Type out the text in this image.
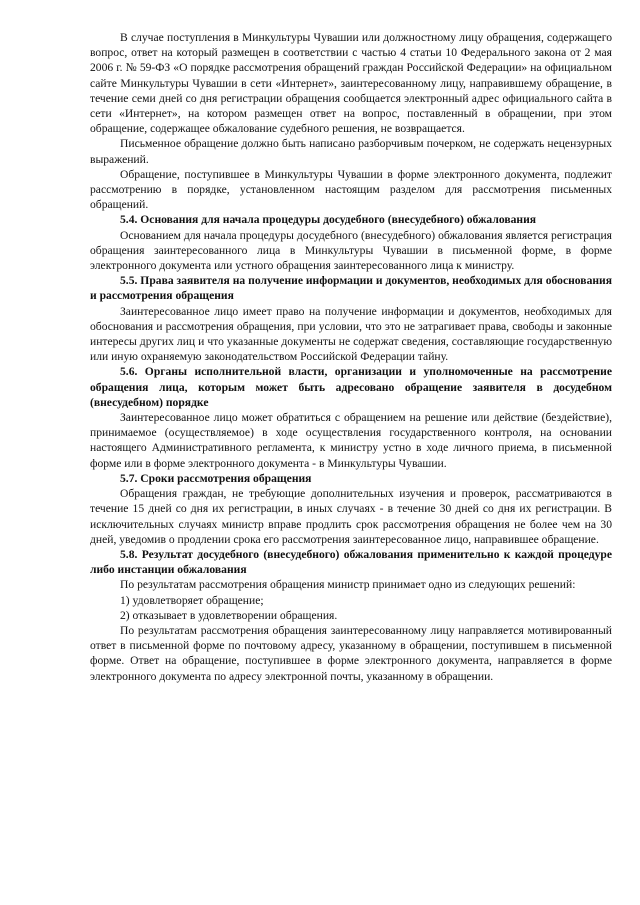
В случае поступления в Минкультуры Чувашии или должностному лицу обращения, содержащего вопрос, ответ на который размещен в соответствии с частью 4 статьи 10 Федерального закона от 2 мая 2006 г. № 59-ФЗ «О порядке рассмотрения обращений граждан Российской Федерации» на официальном сайте Минкультуры Чувашии в сети «Интернет», заинтересованному лицу, направившему обращение, в течение семи дней со дня регистрации обращения сообщается электронный адрес официального сайта в сети «Интернет», на котором размещен ответ на вопрос, поставленный в обращении, при этом обращение, содержащее обжалование судебного решения, не возвращается.

Письменное обращение должно быть написано разборчивым почерком, не содержать нецензурных выражений.

Обращение, поступившее в Минкультуры Чувашии в форме электронного документа, подлежит рассмотрению в порядке, установленном настоящим разделом для рассмотрения письменных обращений.

5.4. Основания для начала процедуры досудебного (внесудебного) обжалования

Основанием для начала процедуры досудебного (внесудебного) обжалования является регистрация обращения заинтересованного лица в Минкультуры Чувашии в письменной форме, в форме электронного документа или устного обращения заинтересованного лица к министру.

5.5. Права заявителя на получение информации и документов, необходимых для обоснования и рассмотрения обращения

Заинтересованное лицо имеет право на получение информации и документов, необходимых для обоснования и рассмотрения обращения, при условии, что это не затрагивает права, свободы и законные интересы других лиц и что указанные документы не содержат сведения, составляющие государственную или иную охраняемую законодательством Российской Федерации тайну.

5.6. Органы исполнительной власти, организации и уполномоченные на рассмотрение обращения лица, которым может быть адресовано обращение заявителя в досудебном (внесудебном) порядке

Заинтересованное лицо может обратиться с обращением на решение или действие (бездействие), принимаемое (осуществляемое) в ходе осуществления государственного контроля, на основании настоящего Административного регламента, к министру устно в ходе личного приема, в письменной форме или в форме электронного документа - в Минкультуры Чувашии.

5.7. Сроки рассмотрения обращения

Обращения граждан, не требующие дополнительных изучения и проверок, рассматриваются в течение 15 дней со дня их регистрации, в иных случаях - в течение 30 дней со дня их регистрации. В исключительных случаях министр вправе продлить срок рассмотрения обращения не более чем на 30 дней, уведомив о продлении срока его рассмотрения заинтересованное лицо, направившее обращение.

5.8. Результат досудебного (внесудебного) обжалования применительно к каждой процедуре либо инстанции обжалования

По результатам рассмотрения обращения министр принимает одно из следующих решений:

1) удовлетворяет обращение;

2) отказывает в удовлетворении обращения.

По результатам рассмотрения обращения заинтересованному лицу направляется мотивированный ответ в письменной форме по почтовому адресу, указанному в обращении, поступившем в письменной форме. Ответ на обращение, поступившее в форме электронного документа, направляется в форме электронного документа по адресу электронной почты, указанному в обращении.
